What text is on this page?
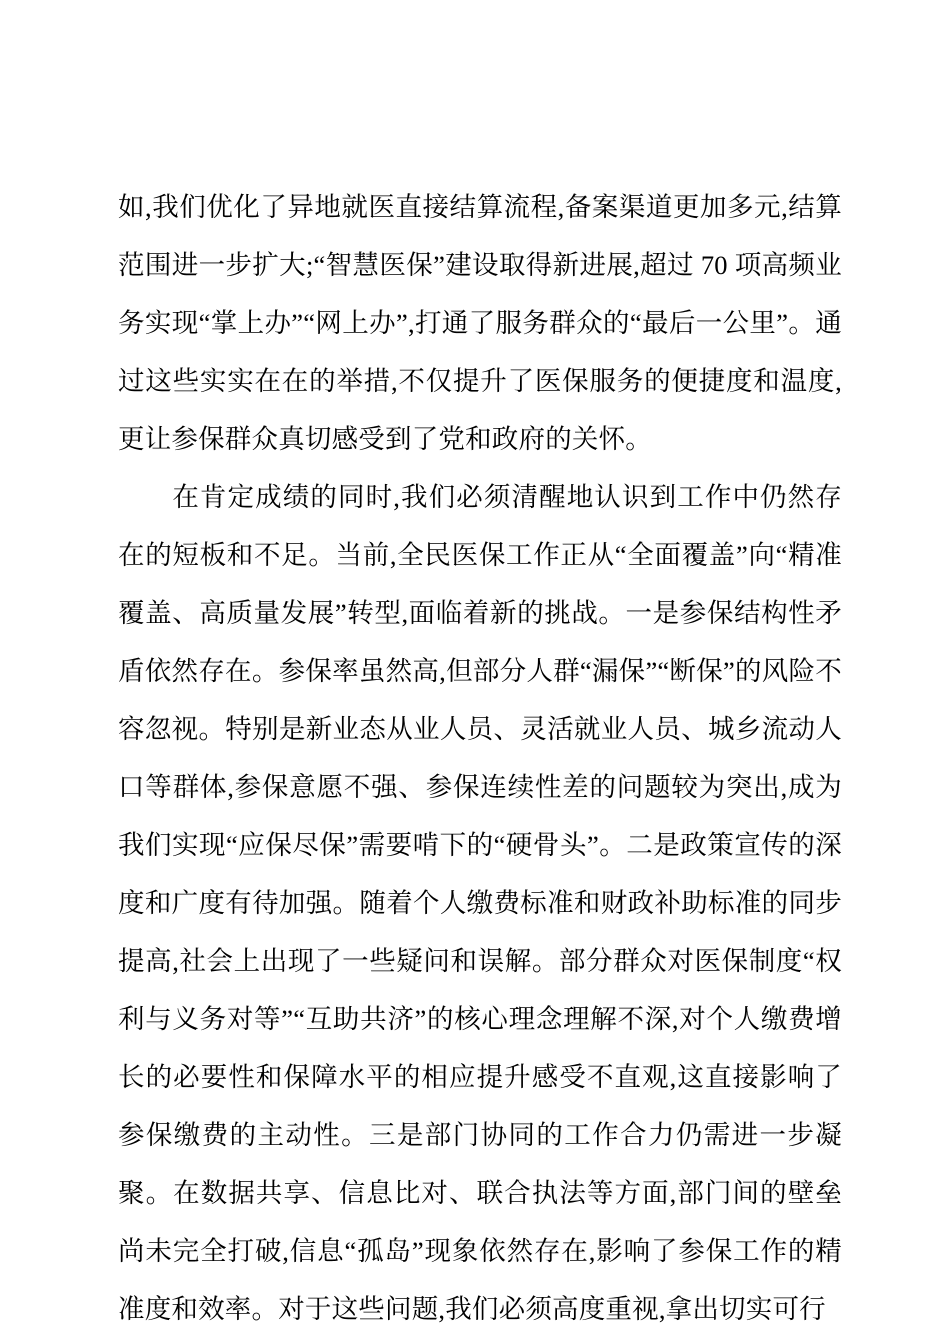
如,我们优化了异地就医直接结算流程,备案渠道更加多元,结算范围进一步扩大;“智慧医保”建设取得新进展,超过 70 项高频业务实现“掌上办”“网上办”,打通了服务群众的“最后一公里”。通过这些实实在在的举措,不仅提升了医保服务的便捷度和温度,更让参保群众真切感受到了党和政府的关怀。

在肯定成绩的同时,我们必须清醒地认识到工作中仍然存在的短板和不足。当前,全民医保工作正从“全面覆盖”向“精准覆盖、高质量发展”转型,面临着新的挑战。一是参保结构性矛盾依然存在。参保率虽然高,但部分人群“漏保”“断保”的风险不容忽视。特别是新业态从业人员、灵活就业人员、城乡流动人口等群体,参保意愿不强、参保连续性差的问题较为突出,成为我们实现“应保尽保”需要啃下的“硬骨头”。二是政策宣传的深度和广度有待加强。随着个人缴费标准和财政补助标准的同步提高,社会上出现了一些疑问和误解。部分群众对医保制度“权利与义务对等”“互助共济”的核心理念理解不深,对个人缴费增长的必要性和保障水平的相应提升感受不直观,这直接影响了参保缴费的主动性。三是部门协同的工作合力仍需进一步凝聚。在数据共享、信息比对、联合执法等方面,部门间的壁垒尚未完全打破,信息“孤岛”现象依然存在,影响了参保工作的精准度和效率。对于这些问题,我们必须高度重视,拿出切实可行
